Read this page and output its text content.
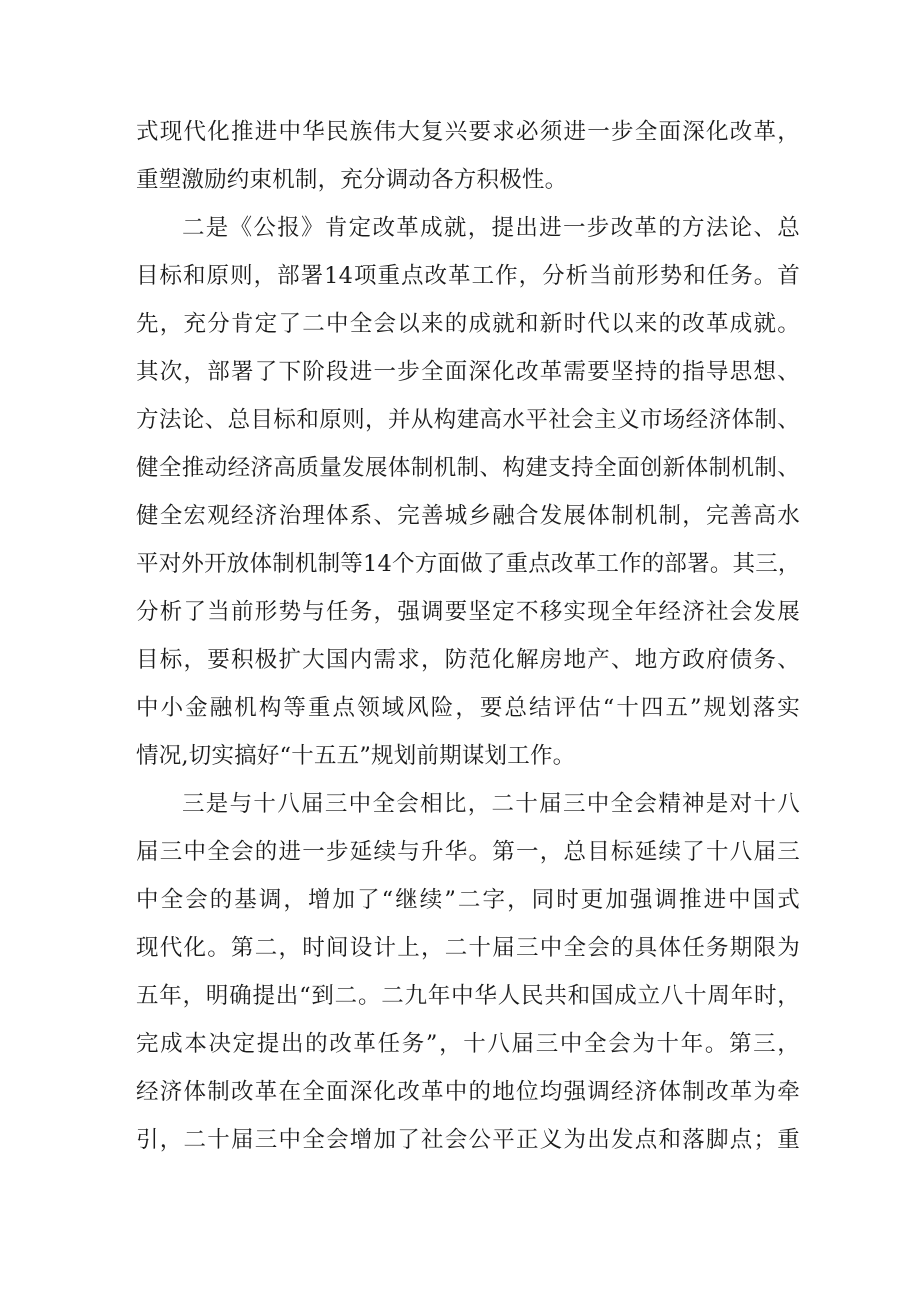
式现代化推进中华民族伟大复兴要求必须进一步全面深化改革，
重塑激励约束机制，充分调动各方积极性。
二是《公报》肯定改革成就，提出进一步改革的方法论、总
目标和原则，部署14项重点改革工作，分析当前形势和任务。首
先，充分肯定了二中全会以来的成就和新时代以来的改革成就。
其次，部署了下阶段进一步全面深化改革需要坚持的指导思想、
方法论、总目标和原则，并从构建高水平社会主义市场经济体制、
健全推动经济高质量发展体制机制、构建支持全面创新体制机制、
健全宏观经济治理体系、完善城乡融合发展体制机制，完善高水
平对外开放体制机制等14个方面做了重点改革工作的部署。其三，
分析了当前形势与任务，强调要坚定不移实现全年经济社会发展
目标，要积极扩大国内需求，防范化解房地产、地方政府债务、
中小金融机构等重点领域风险，要总结评估“十四五”规划落实
情况,切实搞好“十五五”规划前期谋划工作。
三是与十八届三中全会相比，二十届三中全会精神是对十八
届三中全会的进一步延续与升华。第一，总目标延续了十八届三
中全会的基调，增加了“继续”二字，同时更加强调推进中国式
现代化。第二，时间设计上，二十届三中全会的具体任务期限为
五年，明确提出“到二。二九年中华人民共和国成立八十周年时，
完成本决定提出的改革任务”，十八届三中全会为十年。第三，
经济体制改革在全面深化改革中的地位均强调经济体制改革为牵
引，二十届三中全会增加了社会公平正义为出发点和落脚点；重
